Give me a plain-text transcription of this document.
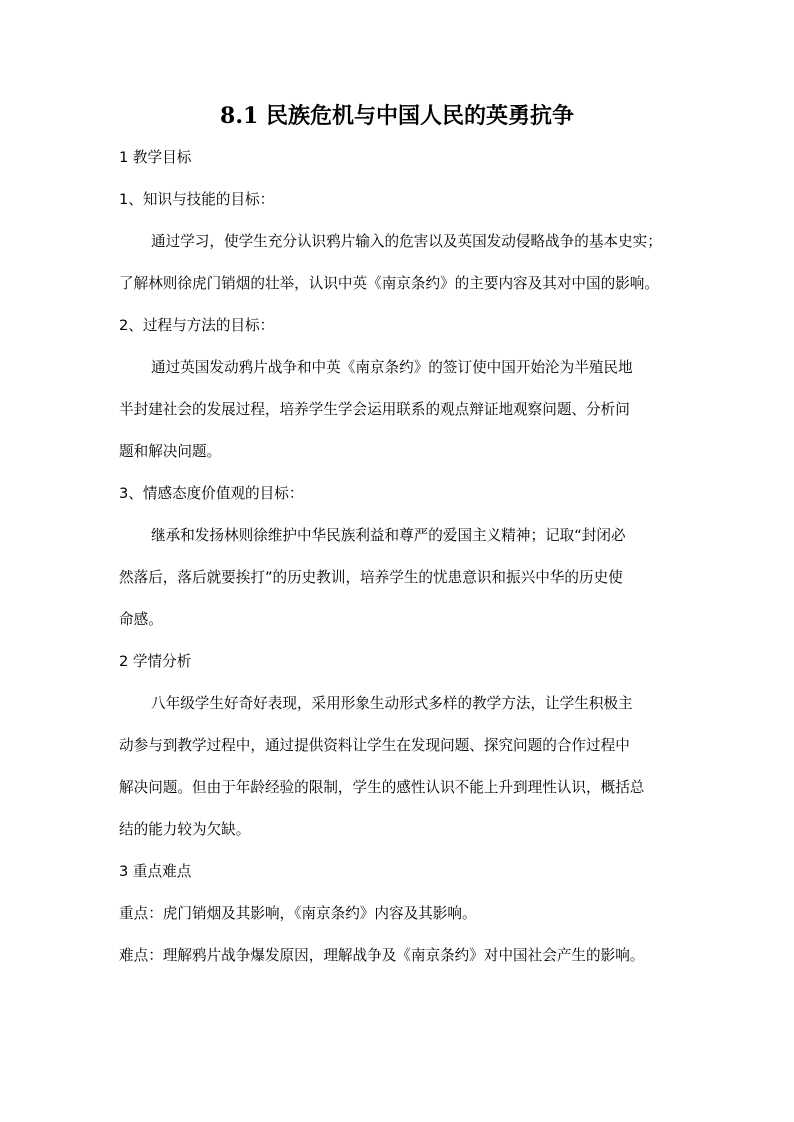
8.1 民族危机与中国人民的英勇抗争
1 教学目标
1、知识与技能的目标：
通过学习，使学生充分认识鸦片输入的危害以及英国发动侵略战争的基本史实；
了解林则徐虎门销烟的壮举，认识中英《南京条约》的主要内容及其对中国的影响。
2、过程与方法的目标：
通过英国发动鸦片战争和中英《南京条约》的签订使中国开始沦为半殖民地
半封建社会的发展过程，培养学生学会运用联系的观点辩证地观察问题、分析问
题和解决问题。
3、情感态度价值观的目标：
继承和发扬林则徐维护中华民族利益和尊严的爱国主义精神；记取“封闭必
然落后，落后就要挨打”的历史教训，培养学生的忧患意识和振兴中华的历史使
命感。
2 学情分析
八年级学生好奇好表现，采用形象生动形式多样的教学方法，让学生积极主
动参与到教学过程中，通过提供资料让学生在发现问题、探究问题的合作过程中
解决问题。但由于年龄经验的限制，学生的感性认识不能上升到理性认识，概括总
结的能力较为欠缺。
3 重点难点
重点：虎门销烟及其影响，《南京条约》内容及其影响。
难点：理解鸦片战争爆发原因，理解战争及《南京条约》对中国社会产生的影响。
